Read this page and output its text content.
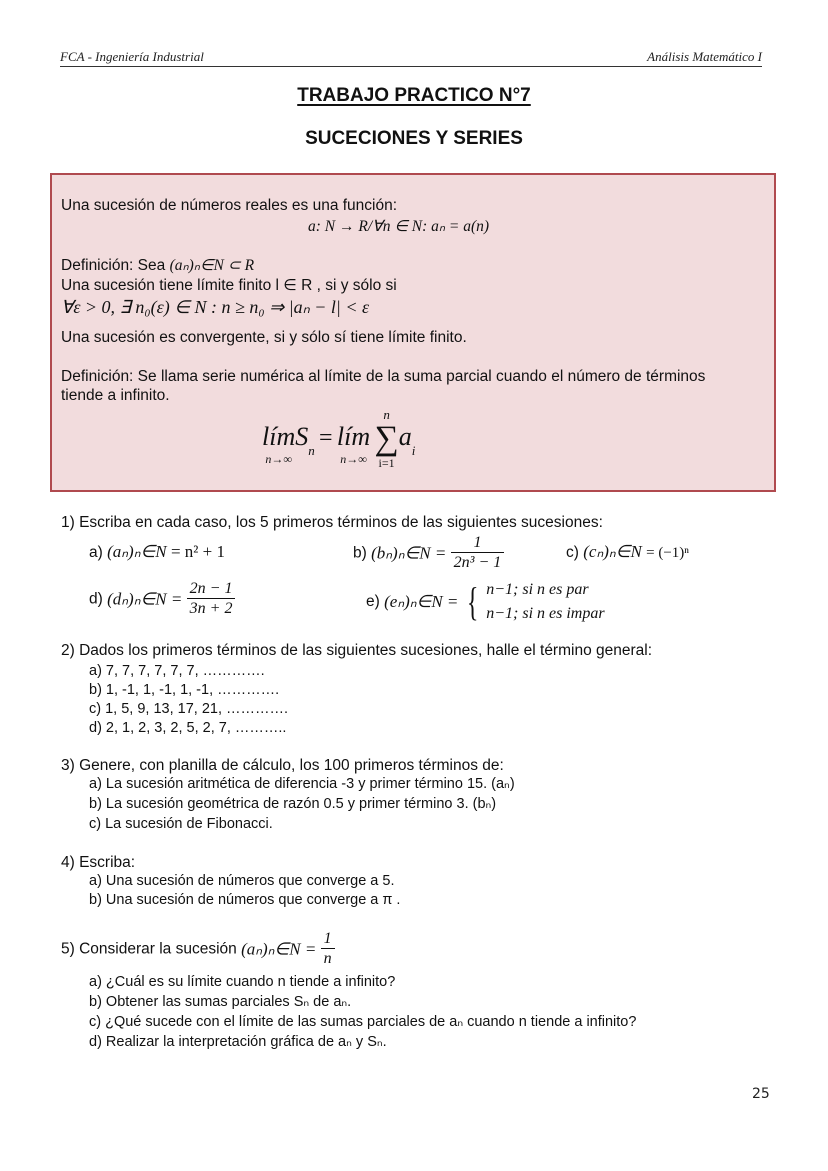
FCA - Ingeniería Industrial	Análisis Matemático I
TRABAJO PRACTICO N°7
SUCECIONES Y SERIES
Una sucesión de números reales es una función:
a: N → R/∀n ∈ N: aₙ = a(n)
Definición: Sea (aₙ)ₙ∈N ⊂ R
Una sucesión tiene límite finito l ∈ R , si y sólo si
∀ε > 0, ∃ n₀(ε) ∈ N : n ≥ n₀ ⇒ |aₙ − l| < ε
Una sucesión es convergente, si y sólo sí tiene límite finito.
Definición: Se llama serie numérica al límite de la suma parcial cuando el número de términos
tiende a infinito.
lím
n→∞
$S_n$ = lím
n→∞

n
∑
i=1
$a_i$
1) Escriba en cada caso, los 5 primeros términos de las siguientes sucesiones:
a) (aₙ)ₙ∈N = n² + 1	b) (bₙ)ₙ∈N = $\frac{1}{\text{2n³ − 1}}$	c) (cₙ)ₙ∈N = (−1)ⁿ
d) (dₙ)ₙ∈N = $\frac{2n - 1}{3n + 2}$	e) (eₙ)ₙ∈N = { n−1; si n es par
n−1; si n es impar
2) Dados los primeros términos de las siguientes sucesiones, halle el término general:
a) 7, 7, 7, 7, 7, 7, ………….
b) 1, -1, 1, -1, 1, -1, ………….
c) 1, 5, 9, 13, 17, 21, ………….
d) 2, 1, 2, 3, 2, 5, 2, 7, ………..
3) Genere, con planilla de cálculo, los 100 primeros términos de:
a) La sucesión aritmética de diferencia -3 y primer término 15. (aₙ)
b) La sucesión geométrica de razón 0.5 y primer término 3. (bₙ)
c) La sucesión de Fibonacci.
4) Escriba:
a) Una sucesión de números que converge a 5.
b) Una sucesión de números que converge a π .
5) Considerar la sucesión (aₙ)ₙ∈N = $\frac{1}{n}$
a) ¿Cuál es su límite cuando n tiende a infinito?
b) Obtener las sumas parciales Sₙ de aₙ.
c) ¿Qué sucede con el límite de las sumas parciales de aₙ cuando n tiende a infinito?
d) Realizar la interpretación gráfica de aₙ y Sₙ.
25
